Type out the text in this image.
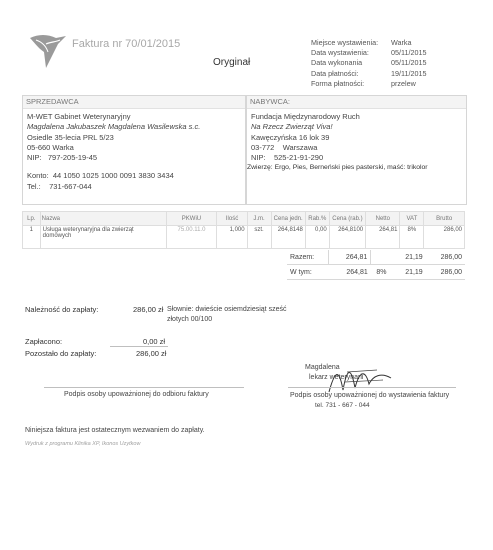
Faktura nr 70/01/2015
Oryginał
Miejsce wystawienia:	Warka
Data wystawienia:	05/11/2015
Data wykonania	05/11/2015
Data płatności:	19/11/2015
Forma płatności:	przelew
SPRZEDAWCA
M-WET Gabinet Weterynaryjny
Magdalena Jakubaszek Magdalena Wasilewska s.c.
Osiedle 35-lecia PRL 5/23
05-660 Warka
NIP: 797-205-19-45
Konto: 44 1050 1025 1000 0091 3830 3434
Tel.: 731-667-044
NABYWCA:
Fundacja Międzynarodowy Ruch
Na Rzecz Zwierząt Viva!
Kawęczyńska 16 lok 39
03-772 Warszawa
NIP: 525-21-91-290
Zwierzę: Ergo, Pies, Berneński pies pasterski, maść: trikolor
Lp.	Nazwa	PKWiU	Ilość	J.m.	Cena jedn.	Rab.%	Cena (rab.)	Netto	VAT	Brutto
1	Usługa weterynaryjna dla zwierząt domowych	75.00.11.0	1,000	szt.	264,8148	0,00	264,8100	264,81	8%	286,00
Razem:	264,81		21,19	286,00
W tym:	264,81	8%	21,19	286,00
Należność do zapłaty:	286,00 zł Słownie: dwieście osiemdziesiąt sześć złotych 00/100
Zapłacono:	0,00 zł
Pozostało do zapłaty:	286,00 zł
Podpis osoby upoważnionej do odbioru faktury
Magdalena
lekarz weterynarii
tel. 731 - 667 - 044
Podpis osoby upoważnionej do wystawienia faktury
Niniejsza faktura jest ostatecznym wezwaniem do zapłaty.
Wydruk z programu Klinika XP, Ikonos Uzytkow
